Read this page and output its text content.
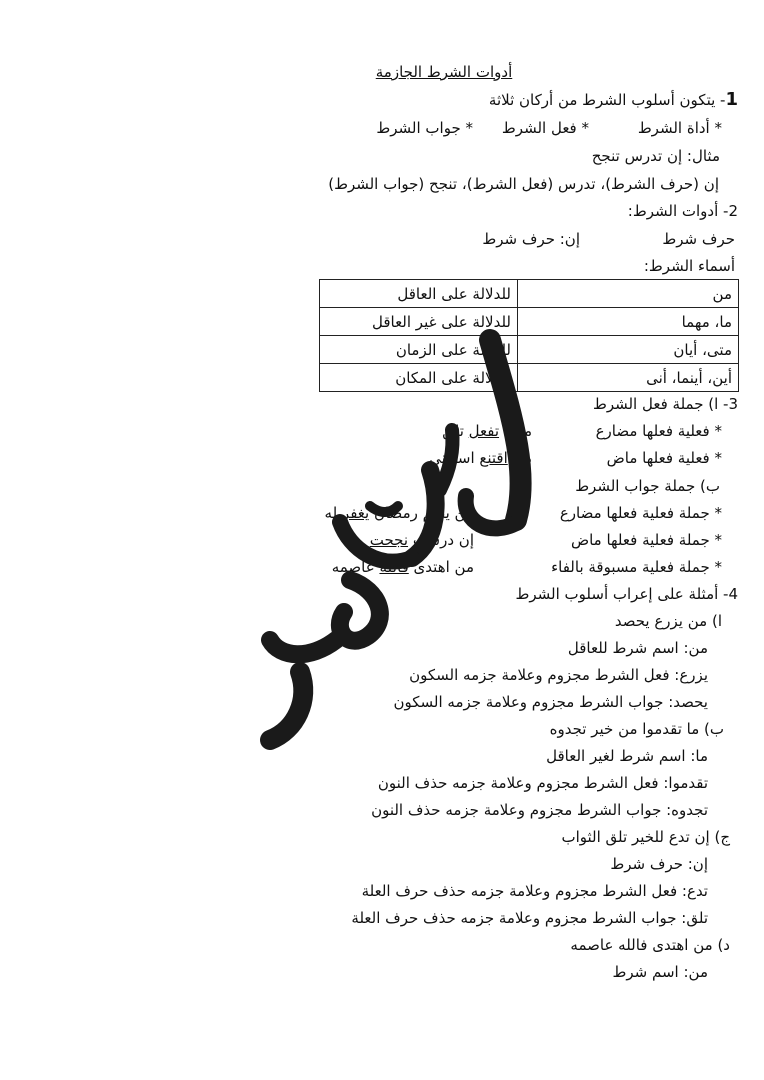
أدوات الشرط الجازمة
1- يتكون أسلوب الشرط من أركان ثلاثة
* أداة الشرط
* فعل الشرط
* جواب الشرط
مثال: إن تدرس تنجح
إن (حرف الشرط)، تدرس (فعل الشرط)، تنجح (جواب الشرط)
2- أدوات الشرط:
حرف شرط
إن: حرف شرط
أسماء الشرط:
من	للدلالة على العاقل
ما، مهما	للدلالة على غير العاقل
متى، أيان	للدلالة على الزمان
أين، أينما، أنى	للدلالة على المكان
3- ا) جملة فعل الشرط
* فعلية فعلها مضارع
مهما تفعل تلق
* فعلية فعلها ماض
من اقتنع استغنى
ب) جملة جواب الشرط
* جملة فعلية فعلها مضارع
من يصم رمضان يغفر له
* جملة فعلية فعلها ماض
إن درست نجحت
* جملة فعلية مسبوقة بالفاء
من اهتدى فالله عاصمه
4- أمثلة على إعراب أسلوب الشرط
ا) من يزرع يحصد
من: اسم شرط للعاقل
يزرع: فعل الشرط مجزوم وعلامة جزمه السكون
يحصد: جواب الشرط مجزوم وعلامة جزمه السكون
ب) ما تقدموا من خير تجدوه
ما: اسم شرط لغير العاقل
تقدموا: فعل الشرط مجزوم وعلامة جزمه حذف النون
تجدوه: جواب الشرط مجزوم وعلامة جزمه حذف النون
ج) إن تدع للخير تلق الثواب
إن: حرف شرط
تدع: فعل الشرط مجزوم وعلامة جزمه حذف حرف العلة
تلق: جواب الشرط مجزوم وعلامة جزمه حذف حرف العلة
د) من اهتدى فالله عاصمه
من: اسم شرط
